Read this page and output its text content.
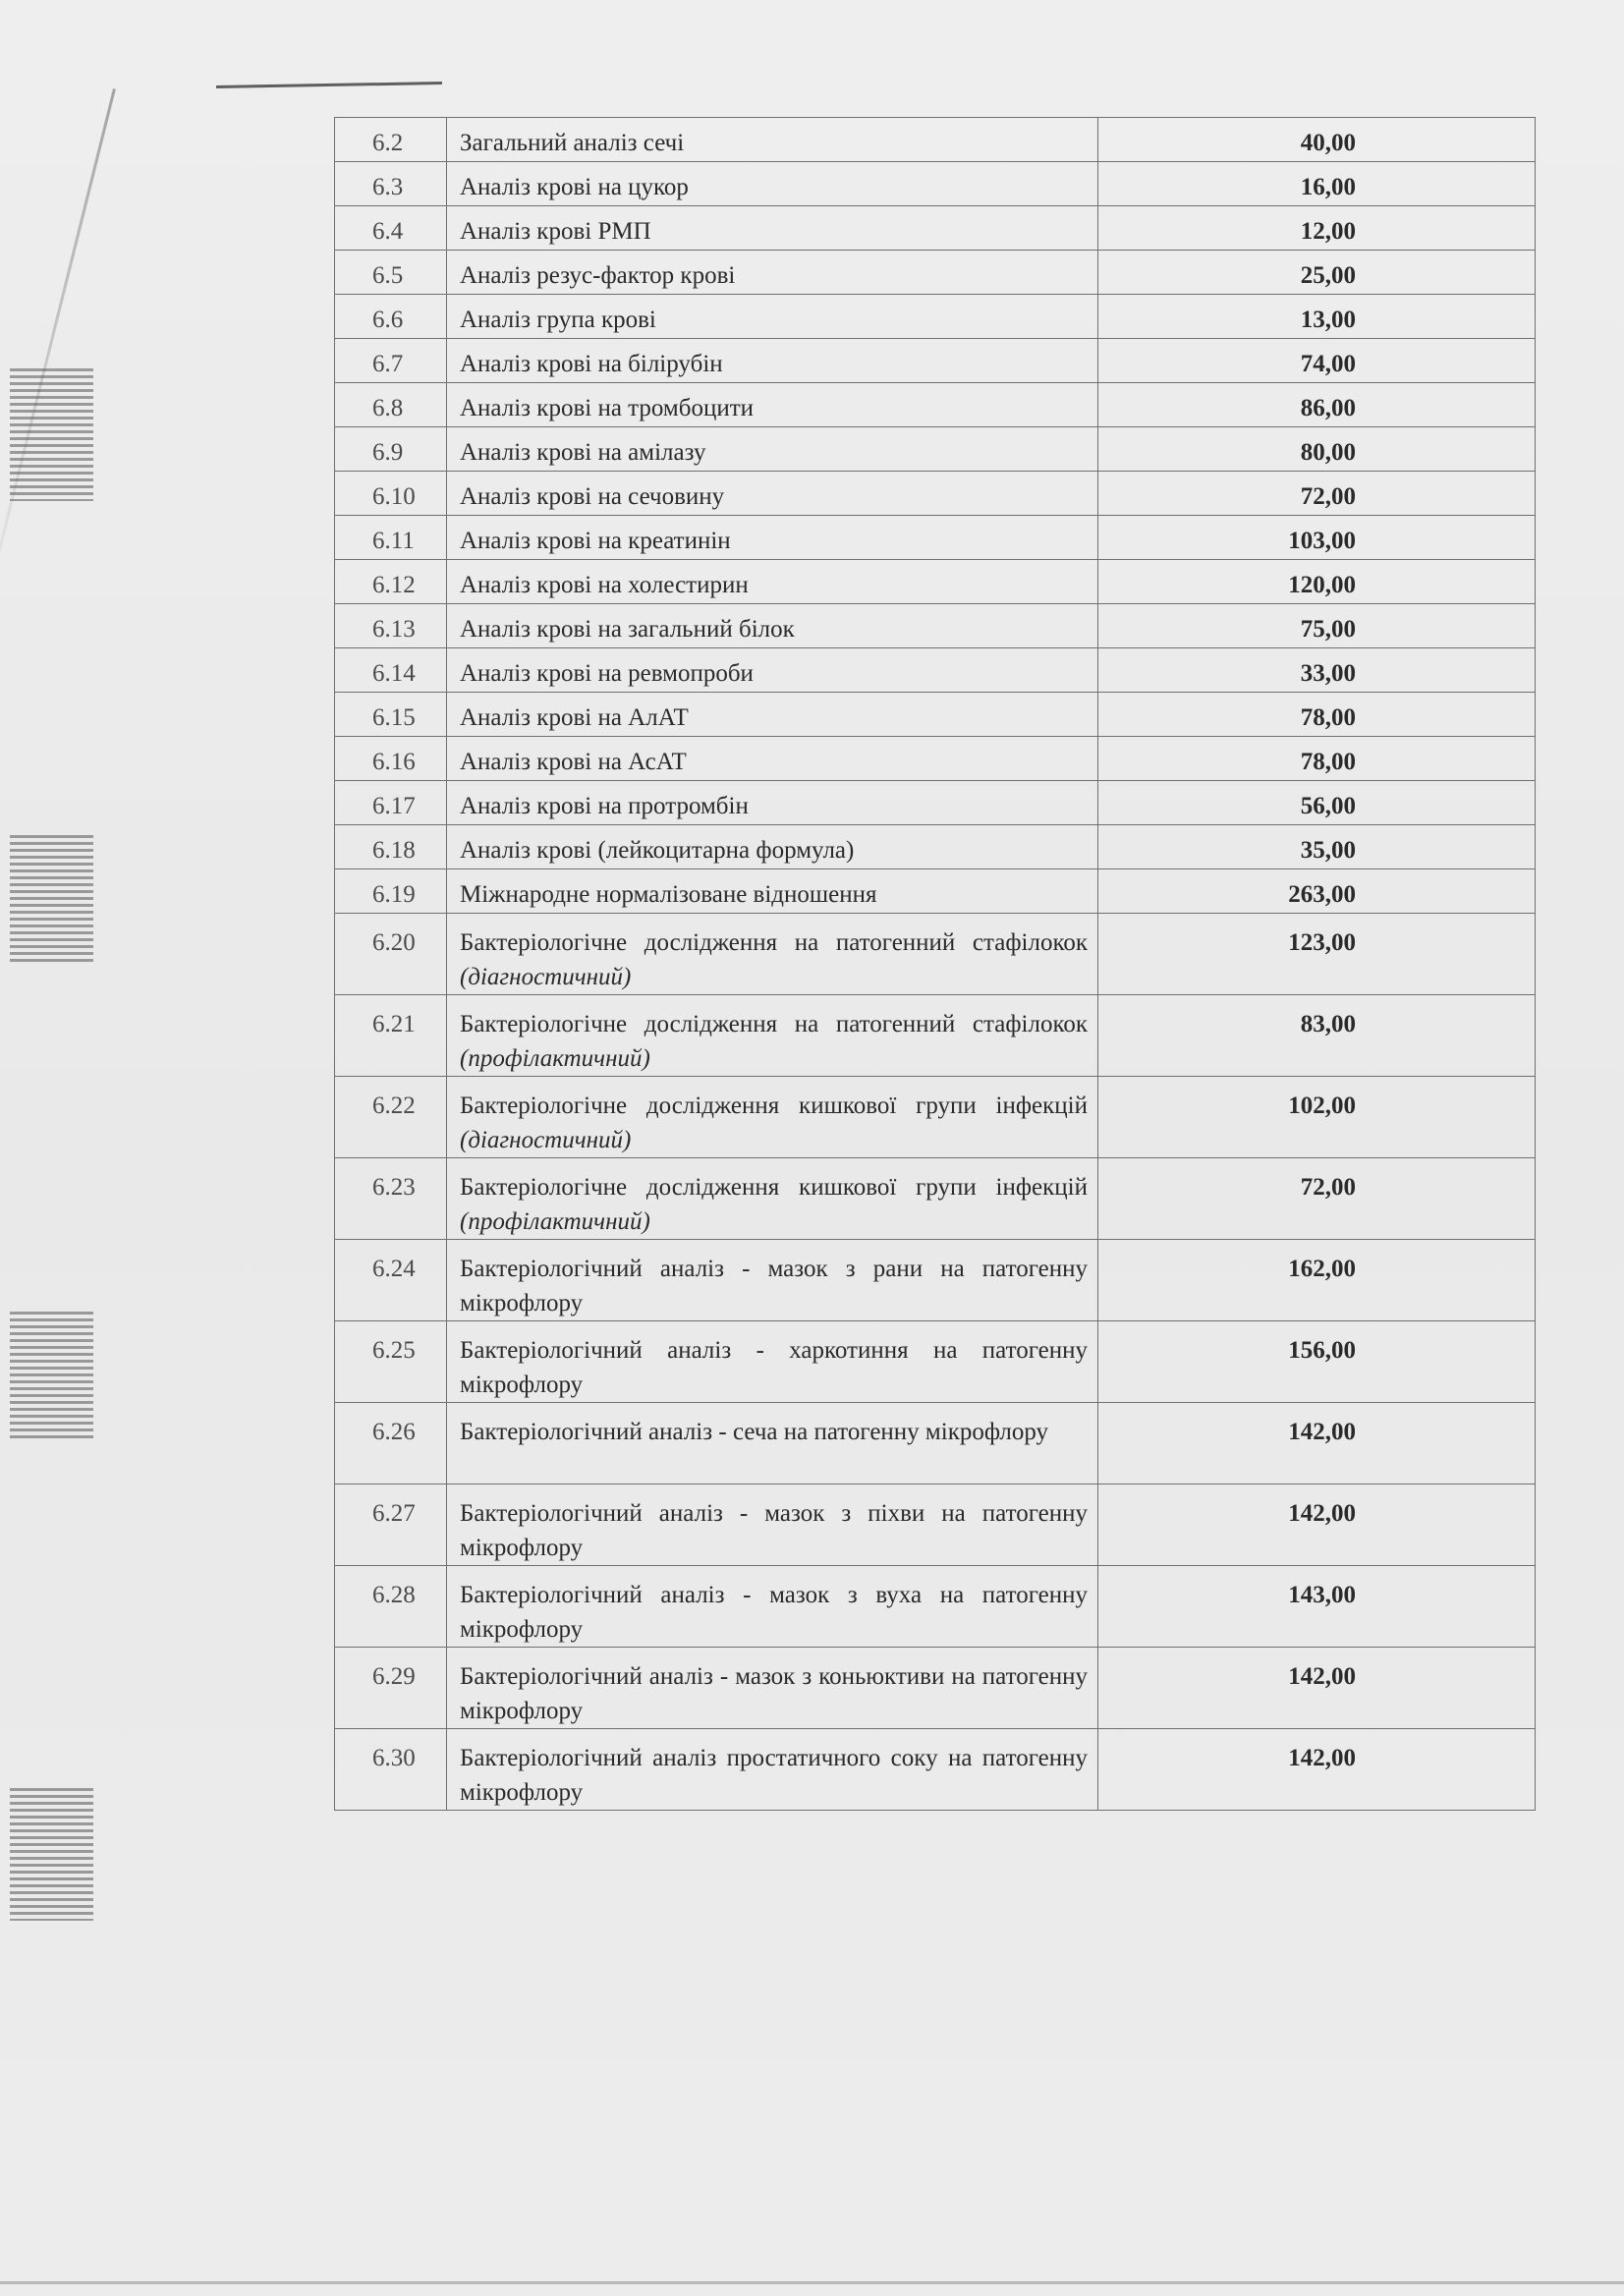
6.2	Загальний аналіз сечі	40,00
6.3	Аналіз крові на цукор	16,00
6.4	Аналіз крові РМП	12,00
6.5	Аналіз резус-фактор крові	25,00
6.6	Аналіз група крові	13,00
6.7	Аналіз крові на білірубін	74,00
6.8	Аналіз крові на тромбоцити	86,00
6.9	Аналіз крові на амілазу	80,00
6.10	Аналіз крові на сечовину	72,00
6.11	Аналіз крові на креатинін	103,00
6.12	Аналіз крові на холестирин	120,00
6.13	Аналіз крові на загальний білок	75,00
6.14	Аналіз крові на ревмопроби	33,00
6.15	Аналіз крові на АлАТ	78,00
6.16	Аналіз крові на АсАТ	78,00
6.17	Аналіз крові на протромбін	56,00
6.18	Аналіз крові (лейкоцитарна формула)	35,00
6.19	Міжнародне нормалізоване відношення	263,00
6.20	Бактеріологічне дослідження на патогенний стафілокок (діагностичний)	123,00
6.21	Бактеріологічне дослідження на патогенний стафілокок (профілактичний)	83,00
6.22	Бактеріологічне дослідження кишкової групи інфекцій (діагностичний)	102,00
6.23	Бактеріологічне дослідження кишкової групи інфекцій (профілактичний)	72,00
6.24	Бактеріологічний аналіз - мазок з рани на патогенну мікрофлору	162,00
6.25	Бактеріологічний аналіз - харкотиння на патогенну мікрофлору	156,00
6.26	Бактеріологічний аналіз - сеча на патогенну мікрофлору	142,00
6.27	Бактеріологічний аналіз - мазок з піхви на патогенну мікрофлору	142,00
6.28	Бактеріологічний аналіз - мазок з вуха на патогенну мікрофлору	143,00
6.29	Бактеріологічний аналіз - мазок з коньюктиви на патогенну мікрофлору	142,00
6.30	Бактеріологічний аналіз простатичного соку на патогенну мікрофлору	142,00
